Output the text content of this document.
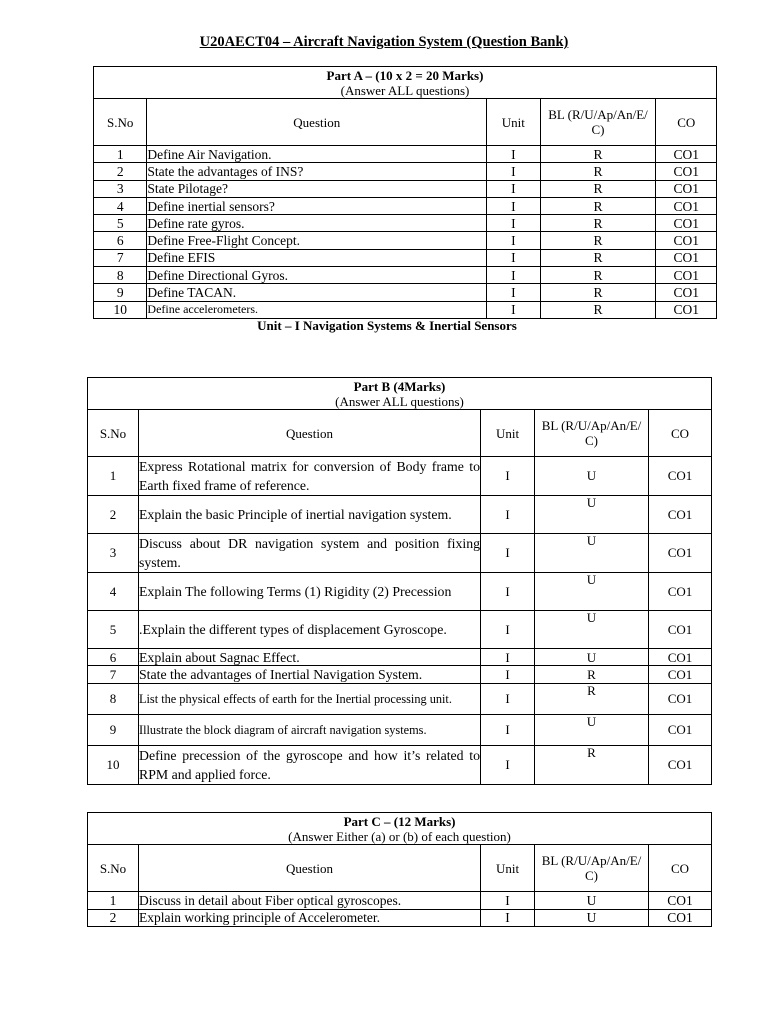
U20AECT04 – Aircraft Navigation System (Question Bank)
Part A – (10 x 2 = 20 Marks)
(Answer ALL questions)				

S.No	Question	Unit	BL (R/U/Ap/An/E/ C)	CO
1	Define Air Navigation.	I	R	CO1
2	State the advantages of INS?	I	R	CO1
3	State Pilotage?	I	R	CO1
4	Define inertial sensors?	I	R	CO1
5	Define rate gyros.	I	R	CO1
6	Define Free-Flight Concept.	I	R	CO1
7	Define EFIS	I	R	CO1
8	Define Directional Gyros.	I	R	CO1
9	Define TACAN.	I	R	CO1
10	Define accelerometers.	I	R	CO1
Unit – I Navigation Systems & Inertial Sensors
Part B (4Marks)
(Answer ALL questions)				

S.No	Question	Unit	BL (R/U/Ap/An/E/ C)	CO
1	Express Rotational matrix for conversion of Body frame to Earth fixed frame of reference.	I	U	CO1
2	Explain the basic Principle of inertial navigation system.	I	U	CO1
3	Discuss about DR navigation system and position fixing system.	I	U	CO1
4	Explain The following Terms (1) Rigidity (2) Precession	I	U	CO1
5	.Explain the different types of displacement Gyroscope.	I	U	CO1
6	Explain about Sagnac Effect.	I	U	CO1
7	State the advantages of Inertial Navigation System.	I	R	CO1
8	List the physical effects of earth for the Inertial processing unit.	I	R	CO1
9	Illustrate the block diagram of aircraft navigation systems.	I	U	CO1
10	Define precession of the gyroscope and how it’s related to RPM and applied force.	I	R	CO1
Part C – (12 Marks)
(Answer Either (a) or (b) of each question)				

S.No	Question	Unit	BL (R/U/Ap/An/E/ C)	CO
1	Discuss in detail about Fiber optical gyroscopes.	I	U	CO1
2	Explain working principle of Accelerometer.	I	U	CO1
